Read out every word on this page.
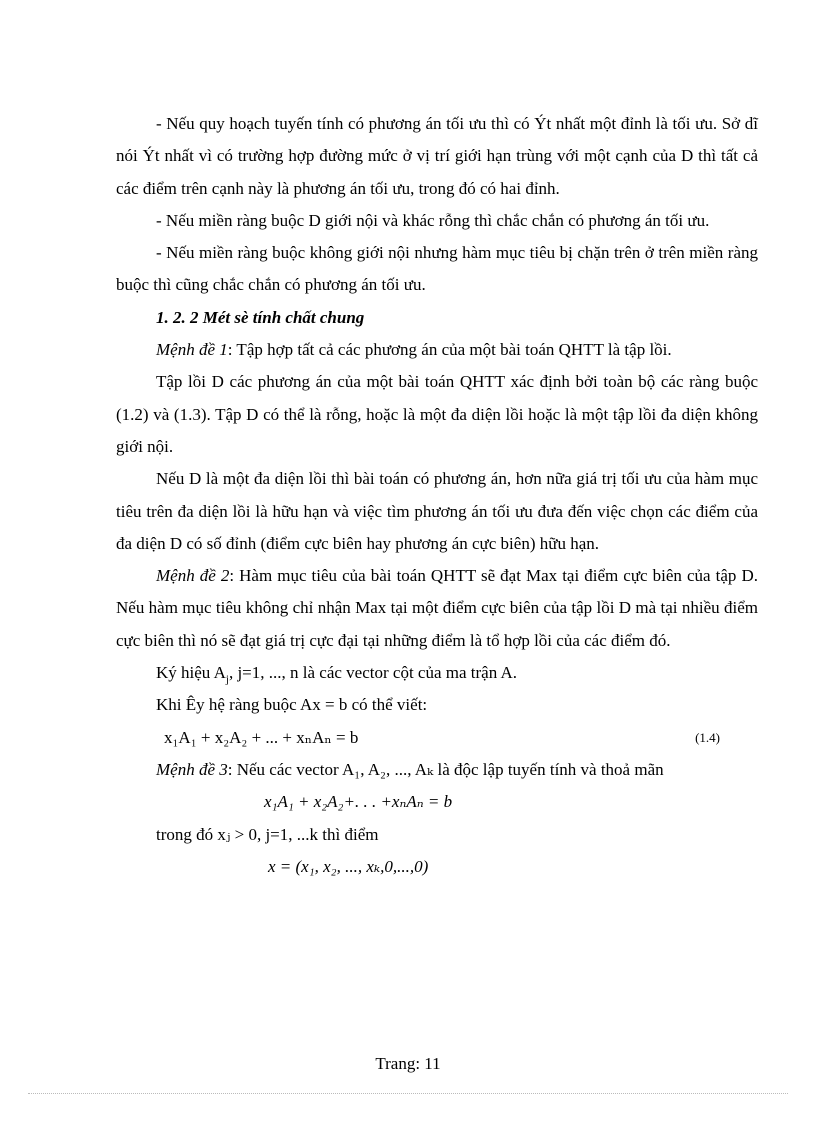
- Nếu quy hoạch tuyến tính có phương án tối ưu thì có Ýt nhất một đỉnh là tối ưu. Sở dĩ nói Ýt nhất vì có trường hợp đường mức ở vị trí giới hạn trùng với một cạnh của D thì tất cả các điểm trên cạnh này là phương án tối ưu, trong đó có hai đỉnh.

- Nếu miền ràng buộc D giới nội và khác rỗng thì chắc chắn có phương án tối ưu.

- Nếu miền ràng buộc không giới nội nhưng hàm mục tiêu bị chặn trên ở trên miền ràng buộc thì cũng chắc chắn có phương án tối ưu.

1. 2. 2 Mét sè tính chất chung

Mệnh đề 1: Tập hợp tất cả các phương án của một bài toán QHTT là tập lồi.

Tập lồi D các phương án của một bài toán QHTT xác định bởi toàn bộ các ràng buộc (1.2) và (1.3). Tập D có thể là rỗng, hoặc là một đa diện lồi hoặc là một tập lồi đa diện không giới nội.

Nếu D là một đa diện lồi thì bài toán có phương án, hơn nữa giá trị tối ưu của hàm mục tiêu trên đa diện lồi là hữu hạn và việc tìm phương án tối ưu đưa đến việc chọn các điểm của đa diện D có số đỉnh (điểm cực biên hay phương án cực biên) hữu hạn.

Mệnh đề 2: Hàm mục tiêu của bài toán QHTT sẽ đạt Max tại điểm cực biên của tập D. Nếu hàm mục tiêu không chỉ nhận Max tại một điểm cực biên của tập lồi D mà tại nhiều điểm cực biên thì nó sẽ đạt giá trị cực đại tại những điểm là tổ hợp lồi của các điểm đó.

Ký hiệu $A_j$, j=1, ..., n là các vector cột của ma trận A.

Khi Êy hệ ràng buộc Ax = b có thể viết:

x₁A₁ + x₂A₂ + ... + xₙAₙ = b	(1.4)

Mệnh đề 3: Nếu các vector A₁, A₂, ..., Aₖ là độc lập tuyến tính và thoả mãn

x₁A₁ + x₂A₂+. . . +xₙAₙ = b

trong đó xⱼ > 0, j=1, ...k thì điểm

x = (x₁, x₂, ..., xₖ,0,...,0)

Trang: 11
